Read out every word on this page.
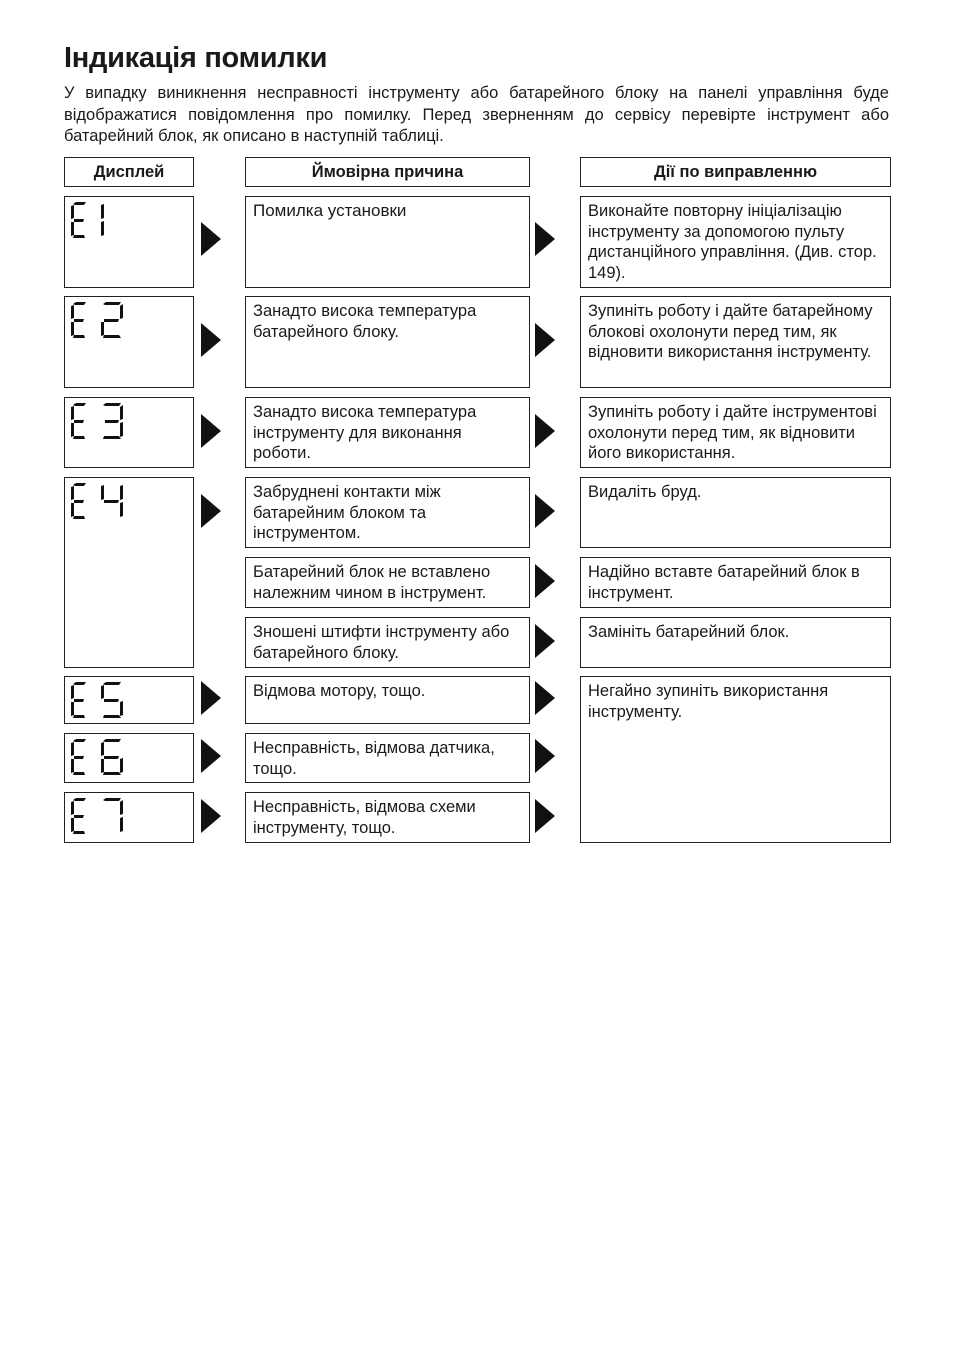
Індикація помилки

У випадку виникнення несправності інструменту або батарейного блоку на панелі управління буде відображатися повідомлення про помилку. Перед зверненням до сервісу перевірте інструмент або батарейний блок, як описано в наступній таблиці.

Дисплей	Ймовірна причина	Дії по виправленню
Помилка установки
Занадто висока температура батарейного блоку.
Занадто висока температура інструменту для виконання роботи.
Забруднені контакти між батарейним блоком та інструментом.
Батарейний блок не вставлено належним чином в інструмент.
Зношені штифти інструменту або батарейного блоку.
Відмова мотору, тощо.
Несправність, відмова датчика, тощо.
Несправність, відмова схеми інструменту, тощо.
Виконайте повторну ініціалізацію інструменту за допомогою пульту дистанційного управління. (Див. стор. 149).
Зупиніть роботу і дайте батарейному блокові охолонути перед тим, як відновити використання інструменту.
Зупиніть роботу і дайте інструментові охолонути перед тим, як відновити його використання.
Видаліть бруд.
Надійно вставте батарейний блок в інструмент.
Замініть батарейний блок.
Негайно зупиніть використання інструменту.
